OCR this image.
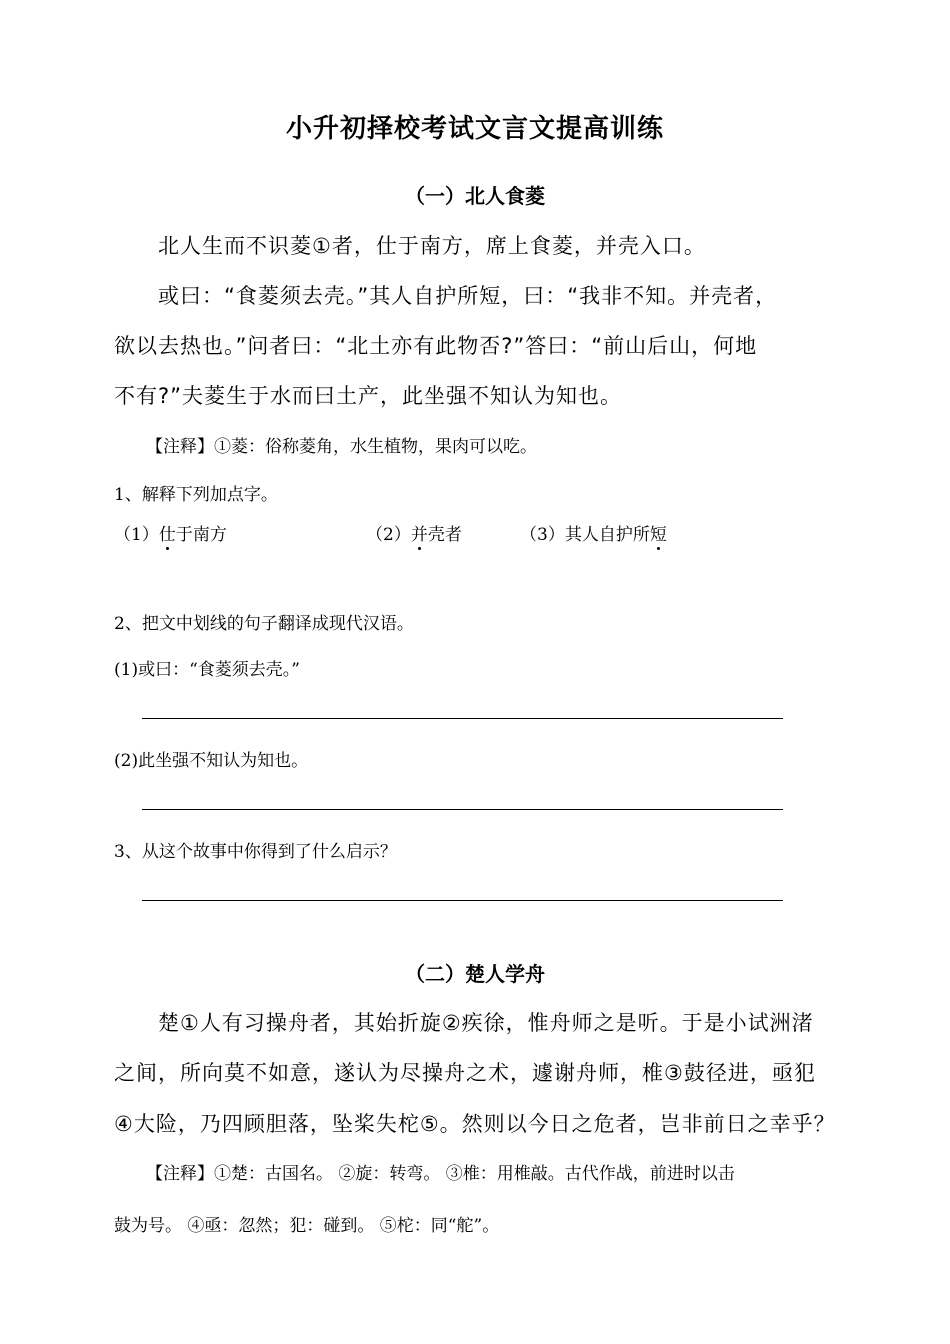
小升初择校考试文言文提高训练
（一）北人食菱
北人生而不识菱①者，仕于南方，席上食菱，并壳入口。
或曰：“食菱须去壳。”其人自护所短，曰：“我非不知。并壳者，
欲以去热也。”问者曰：“北土亦有此物否?”答曰：“前山后山，何地
不有?”夫菱生于水而曰土产，此坐强不知认为知也。
【注释】①菱：俗称菱角，水生植物，果肉可以吃。
1、解释下列加点字。
（1）仕于南方	（2）并壳者	（3）其人自护所短
2、把文中划线的句子翻译成现代汉语。
(1)或曰：“食菱须去壳。”
(2)此坐强不知认为知也。
3、从这个故事中你得到了什么启示？
（二）楚人学舟
楚①人有习操舟者，其始折旋②疾徐，惟舟师之是听。于是小试洲渚
之间，所向莫不如意，遂认为尽操舟之术，遽谢舟师，椎③鼓径进，亟犯
④大险，乃四顾胆落，坠桨失柁⑤。然则以今日之危者，岂非前日之幸乎？
【注释】①楚：古国名。 ②旋：转弯。 ③椎：用椎敲。古代作战，前进时以击
鼓为号。 ④亟：忽然；犯：碰到。 ⑤柁：同“舵”。
